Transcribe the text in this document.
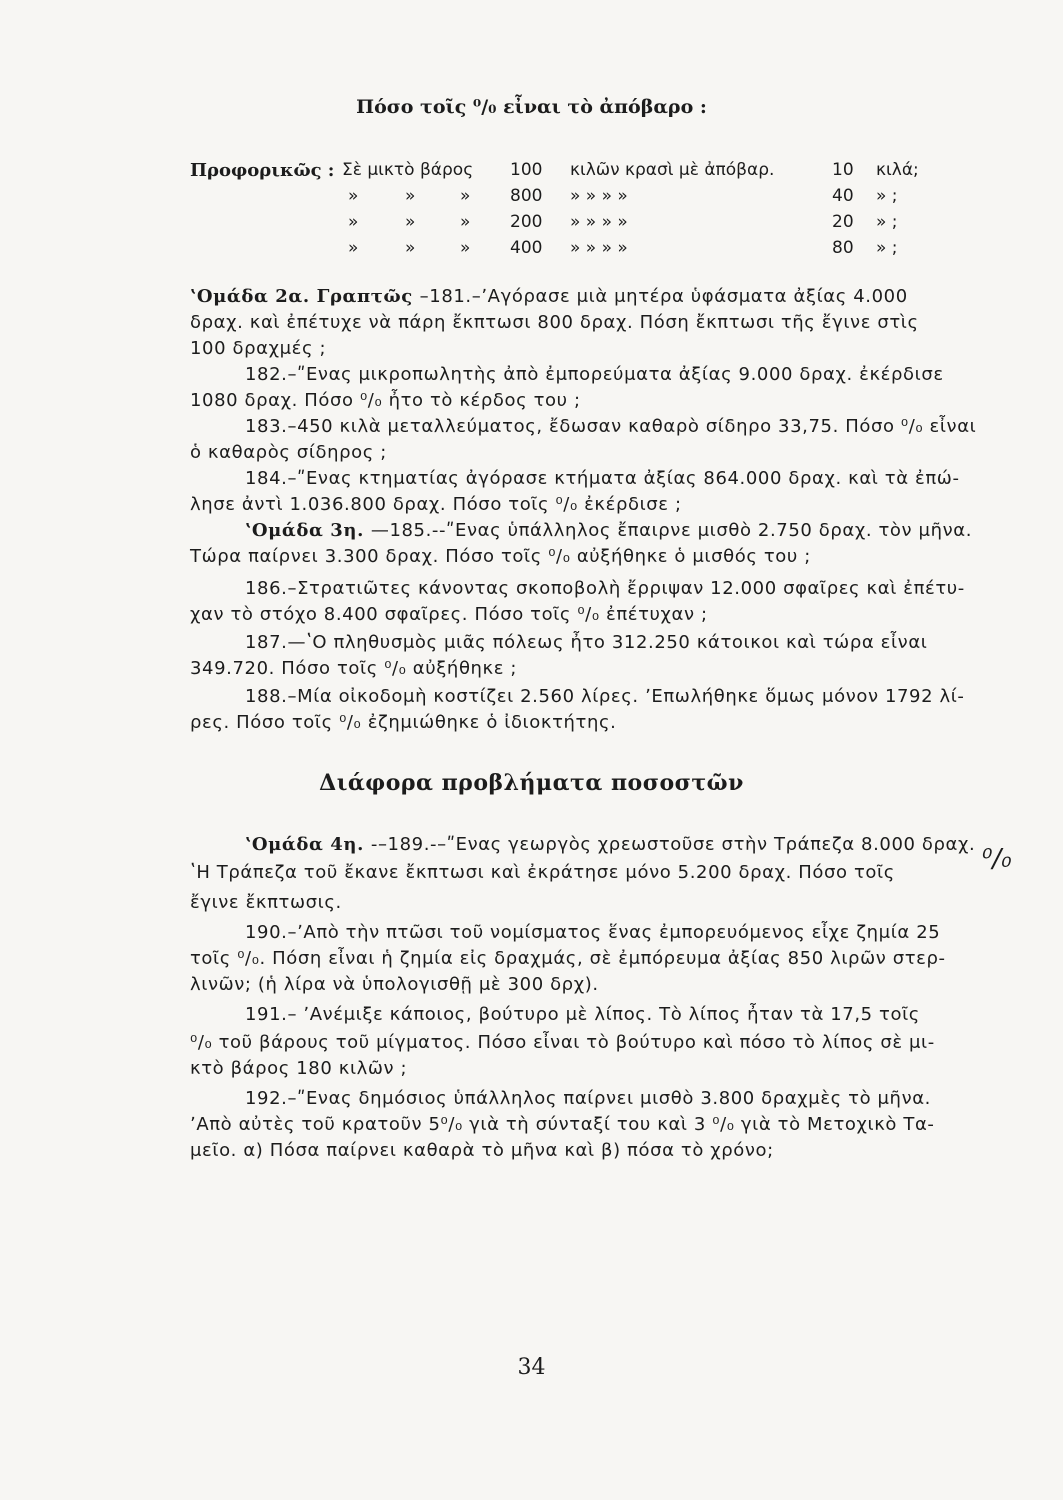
Πόσο τοῖς ⁰/₀ εἶναι τὸ ἀπόβαρο :
Προφορικῶς : Σὲ μικτὸ βάρος 100 κιλῶν κρασὶ μὲ ἀπόβαρ.	10 κιλά;
»	»	» 800 » » » »	40 » ;
»	»	» 200 » » » »	20 » ;
»	»	» 400 » » » »	80 » ;
ʽΟμάδα 2α. Γραπτῶς –181.–ʼΑγόρασε μιὰ μητέρα ὑφάσματα ἀξίας 4.000
δραχ. καὶ ἐπέτυχε νὰ πάρη ἔκπτωσι 800 δραχ. Πόση ἔκπτωσι τῆς ἔγινε στὶς
100 δραχμές ;
182.–ʺΕνας μικροπωλητὴς ἀπὸ ἐμπορεύματα ἀξίας 9.000 δραχ. ἐκέρδισε
1080 δραχ. Πόσο ⁰/₀ ἦτο τὸ κέρδος του ;
183.–450 κιλὰ μεταλλεύματος, ἔδωσαν καθαρὸ σίδηρο 33,75. Πόσο ⁰/₀ εἶναι
ὁ καθαρὸς σίδηρος ;
184.–ʺΕνας κτηματίας ἀγόρασε κτήματα ἀξίας 864.000 δραχ. καὶ τὰ ἐπώ-
λησε ἀντὶ 1.036.800 δραχ. Πόσο τοῖς ⁰/₀ ἐκέρδισε ;
ʽΟμάδα 3η. —185.--ʺΕνας ὑπάλληλος ἔπαιρνε μισθὸ 2.750 δραχ. τὸν μῆνα.
Τώρα παίρνει 3.300 δραχ. Πόσο τοῖς ⁰/₀ αὐξήθηκε ὁ μισθός του ;
186.–Στρατιῶτες κάνοντας σκοποβολὴ ἔρριψαν 12.000 σφαῖρες καὶ ἐπέτυ-
χαν τὸ στόχο 8.400 σφαῖρες. Πόσο τοῖς ⁰/₀ ἐπέτυχαν ;
187.—ʽΟ πληθυσμὸς μιᾶς πόλεως ἦτο 312.250 κάτοικοι καὶ τώρα εἶναι
349.720. Πόσο τοῖς ⁰/₀ αὐξήθηκε ;
188.–Μία οἰκοδομὴ κοστίζει 2.560 λίρες. ʼΕπωλήθηκε ὅμως μόνον 1792 λί-
ρες. Πόσο τοῖς ⁰/₀ ἐζημιώθηκε ὁ ἰδιοκτήτης.
Διάφορα προβλήματα ποσοστῶν
ʽΟμάδα 4η. -–189.-–ʺΕνας γεωργὸς χρεωστοῦσε στὴν Τράπεζα 8.000 δραχ.
ʽΗ Τράπεζα τοῦ ἔκανε ἔκπτωσι καὶ ἐκράτησε μόνο 5.200 δραχ. Πόσο τοῖς	⁰/₀
ἔγινε ἔκπτωσις.
190.–ʼΑπὸ τὴν πτῶσι τοῦ νομίσματος ἕνας ἐμπορευόμενος εἶχε ζημία 25
τοῖς ⁰/₀. Πόση εἶναι ἡ ζημία εἰς δραχμάς, σὲ ἐμπόρευμα ἀξίας 850 λιρῶν στερ-
λινῶν; (ἡ λίρα νὰ ὑπολογισθῇ μὲ 300 δρχ).
191.– ʼΑνέμιξε κάποιος, βούτυρο μὲ λίπος. Τὸ λίπος ἦταν τὰ 17,5 τοῖς
⁰/₀ τοῦ βάρους τοῦ μίγματος. Πόσο εἶναι τὸ βούτυρο καὶ πόσο τὸ λίπος σὲ μι-
κτὸ βάρος 180 κιλῶν ;
192.–ʺΕνας δημόσιος ὑπάλληλος παίρνει μισθὸ 3.800 δραχμὲς τὸ μῆνα.
ʼΑπὸ αὐτὲς τοῦ κρατοῦν 5⁰/₀ γιὰ τὴ σύνταξί του καὶ 3 ⁰/₀ γιὰ τὸ Μετοχικὸ Τα-
μεῖο. α) Πόσα παίρνει καθαρὰ τὸ μῆνα καὶ β) πόσα τὸ χρόνο;
34
